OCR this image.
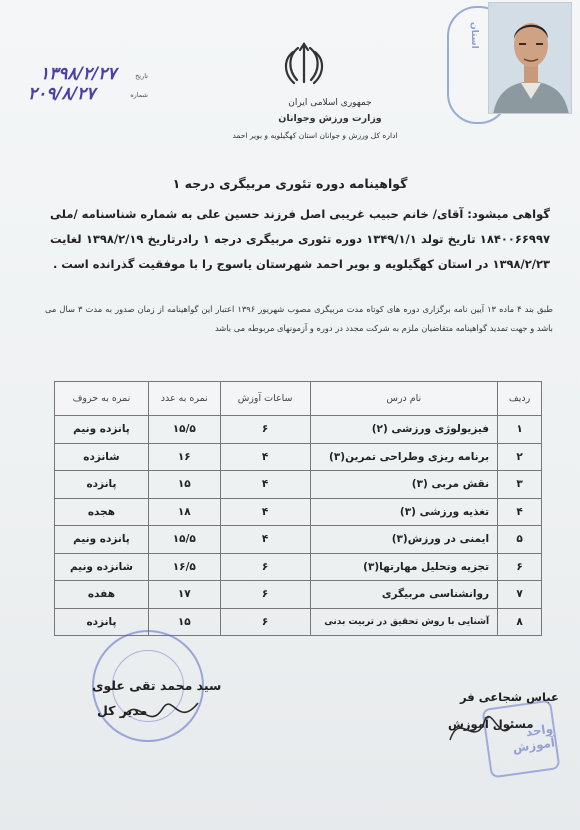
جمهوری اسلامی ایران
وزارت ورزش وجوانان
اداره کل ورزش و جوانان استان کهگیلویه و بویر احمد
استان
تاریخ
شماره
۱۳۹۸/۲/۲۷
۲۰۹/۸/۲۷
گواهینامه دوره تئوری مربیگری درجه ۱
گواهی میشود: آقای/ خانم حبیب غریبی اصل فرزند حسین علی به شماره شناسنامه /ملی ۱۸۴۰۰۶۶۹۹۷ تاریخ تولد ۱۳۴۹/۱/۱ دوره تئوری مربیگری درجه ۱ رادرتاریخ ۱۳۹۸/۲/۱۹ لغایت ۱۳۹۸/۲/۲۳ در استان کهگیلویه و بویر احمد شهرستان یاسوج را با موفقیت گذرانده است .
طبق بند ۴ ماده ۱۳ آیین نامه برگزاری دوره های کوتاه مدت مربیگری مصوب شهریور ۱۳۹۶ اعتبار این گواهینامه از زمان صدور به مدت ۳ سال می باشد و جهت تمدید گواهینامه متقاضیان ملزم به شرکت مجدد در دوره و آزمونهای مربوطه می باشد
ردیف	نام درس	ساعات آوزش	نمره به عدد	نمره به حروف
۱	فیزیولوژی ورزشی (۲)	۶	۱۵/۵	پانزده ونیم
۲	برنامه ریزی وطراحی تمرین(۳)	۴	۱۶	شانزده
۳	نقش مربی (۳)	۴	۱۵	پانزده
۴	تغذیه ورزشی (۳)	۴	۱۸	هجده
۵	ایمنی در ورزش(۳)	۴	۱۵/۵	پانزده ونیم
۶	تجزیه وتحلیل مهارتها(۳)	۶	۱۶/۵	شانزده ونیم
۷	روانشناسی مربیگری	۶	۱۷	هفده
۸	آشنایی با روش تحقیق در تربیت بدنی	۶	۱۵	پانزده
سید محمد تقی علوی
مدیر کل
واحد آموزش
عباس شجاعی فر
مسئول آموزش
